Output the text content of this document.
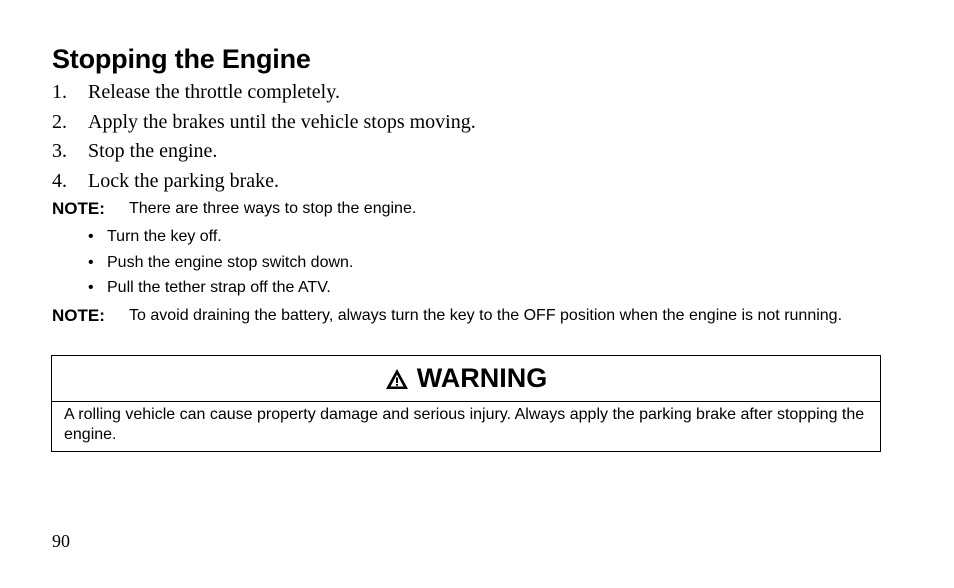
Stopping the Engine
1.	Release the throttle completely.
2.	Apply the brakes until the vehicle stops moving.
3.	Stop the engine.
4.	Lock the parking brake.
NOTE:	There are three ways to stop the engine.
• Turn the key off.
• Push the engine stop switch down.
• Pull the tether strap off the ATV.
NOTE:	To avoid draining the battery, always turn the key to the OFF position when the engine is not running.
WARNING
A rolling vehicle can cause property damage and serious injury. Always apply the parking brake after stopping the engine.
90
